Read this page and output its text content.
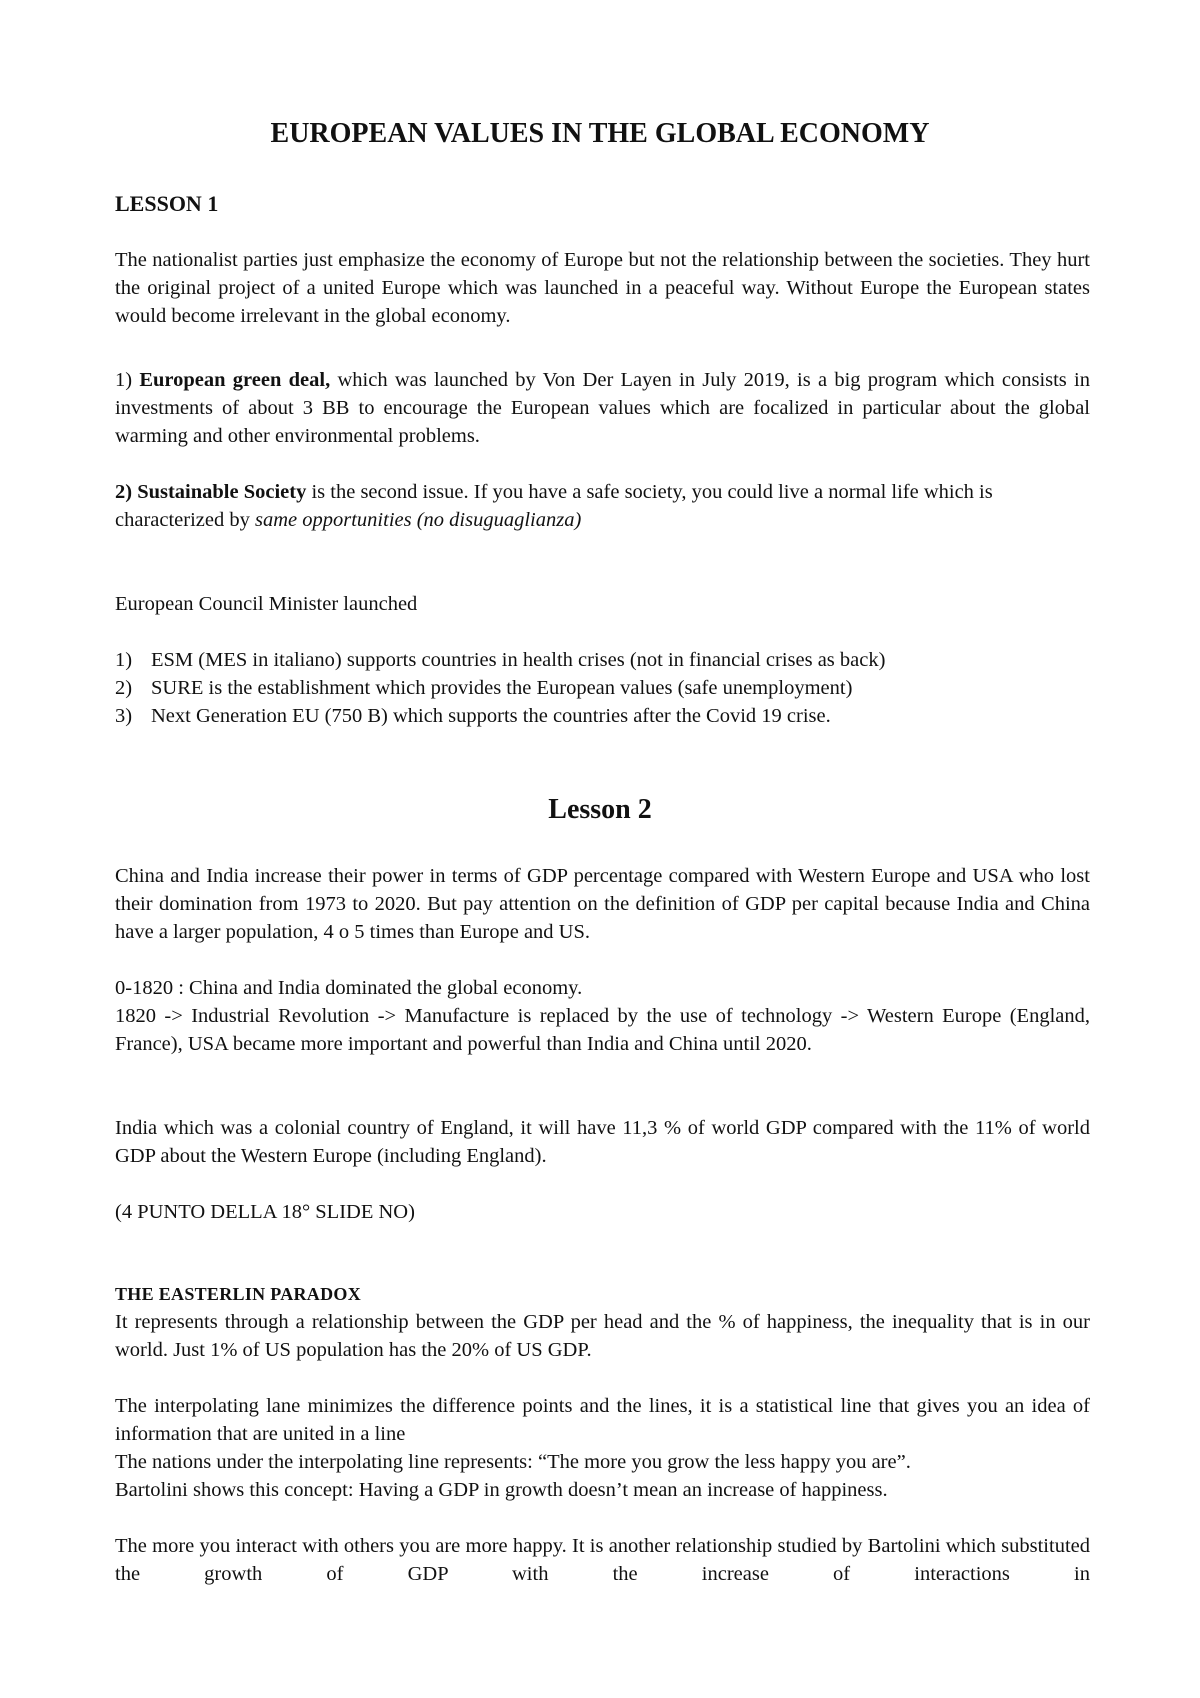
EUROPEAN VALUES IN THE GLOBAL ECONOMY

LESSON 1

The nationalist parties just emphasize the economy of Europe but not the relationship between the societies. They hurt the original project of a united Europe which was launched in a peaceful way. Without Europe the European states would become irrelevant in the global economy.

1) European green deal, which was launched by Von Der Layen in July 2019, is a big program which consists in investments of about 3 BB to encourage the European values which are focalized in particular about the global warming and other environmental problems.

2) Sustainable Society is the second issue. If you have a safe society, you could live a normal life which is characterized by same opportunities (no disuguaglianza)

European Council Minister launched

1) ESM (MES in italiano) supports countries in health crises (not in financial crises as back)
2) SURE is the establishment which provides the European values (safe unemployment)
3) Next Generation EU (750 B) which supports the countries after the Covid 19 crise.
Lesson 2

China and India increase their power in terms of GDP percentage compared with Western Europe and USA who lost their domination from 1973 to 2020. But pay attention on the definition of GDP per capital because India and China have a larger population, 4 o 5 times than Europe and US.

0-1820 : China and India dominated the global economy.

1820 -> Industrial Revolution -> Manufacture is replaced by the use of technology -> Western Europe (England, France), USA became more important and powerful than India and China until 2020.

India which was a colonial country of England, it will have 11,3 % of world GDP compared with the 11% of world GDP about the Western Europe (including England).

(4 PUNTO DELLA 18° SLIDE NO)

THE EASTERLIN PARADOX

It represents through a relationship between the GDP per head and the % of happiness, the inequality that is in our world. Just 1% of US population has the 20% of US GDP.

The interpolating lane minimizes the difference points and the lines, it is a statistical line that gives you an idea of information that are united in a line

The nations under the interpolating line represents: “The more you grow the less happy you are”.

Bartolini shows this concept: Having a GDP in growth doesn’t mean an increase of happiness.

The more you interact with others you are more happy. It is another relationship studied by Bartolini which substituted the growth of GDP with the increase of interactions in
